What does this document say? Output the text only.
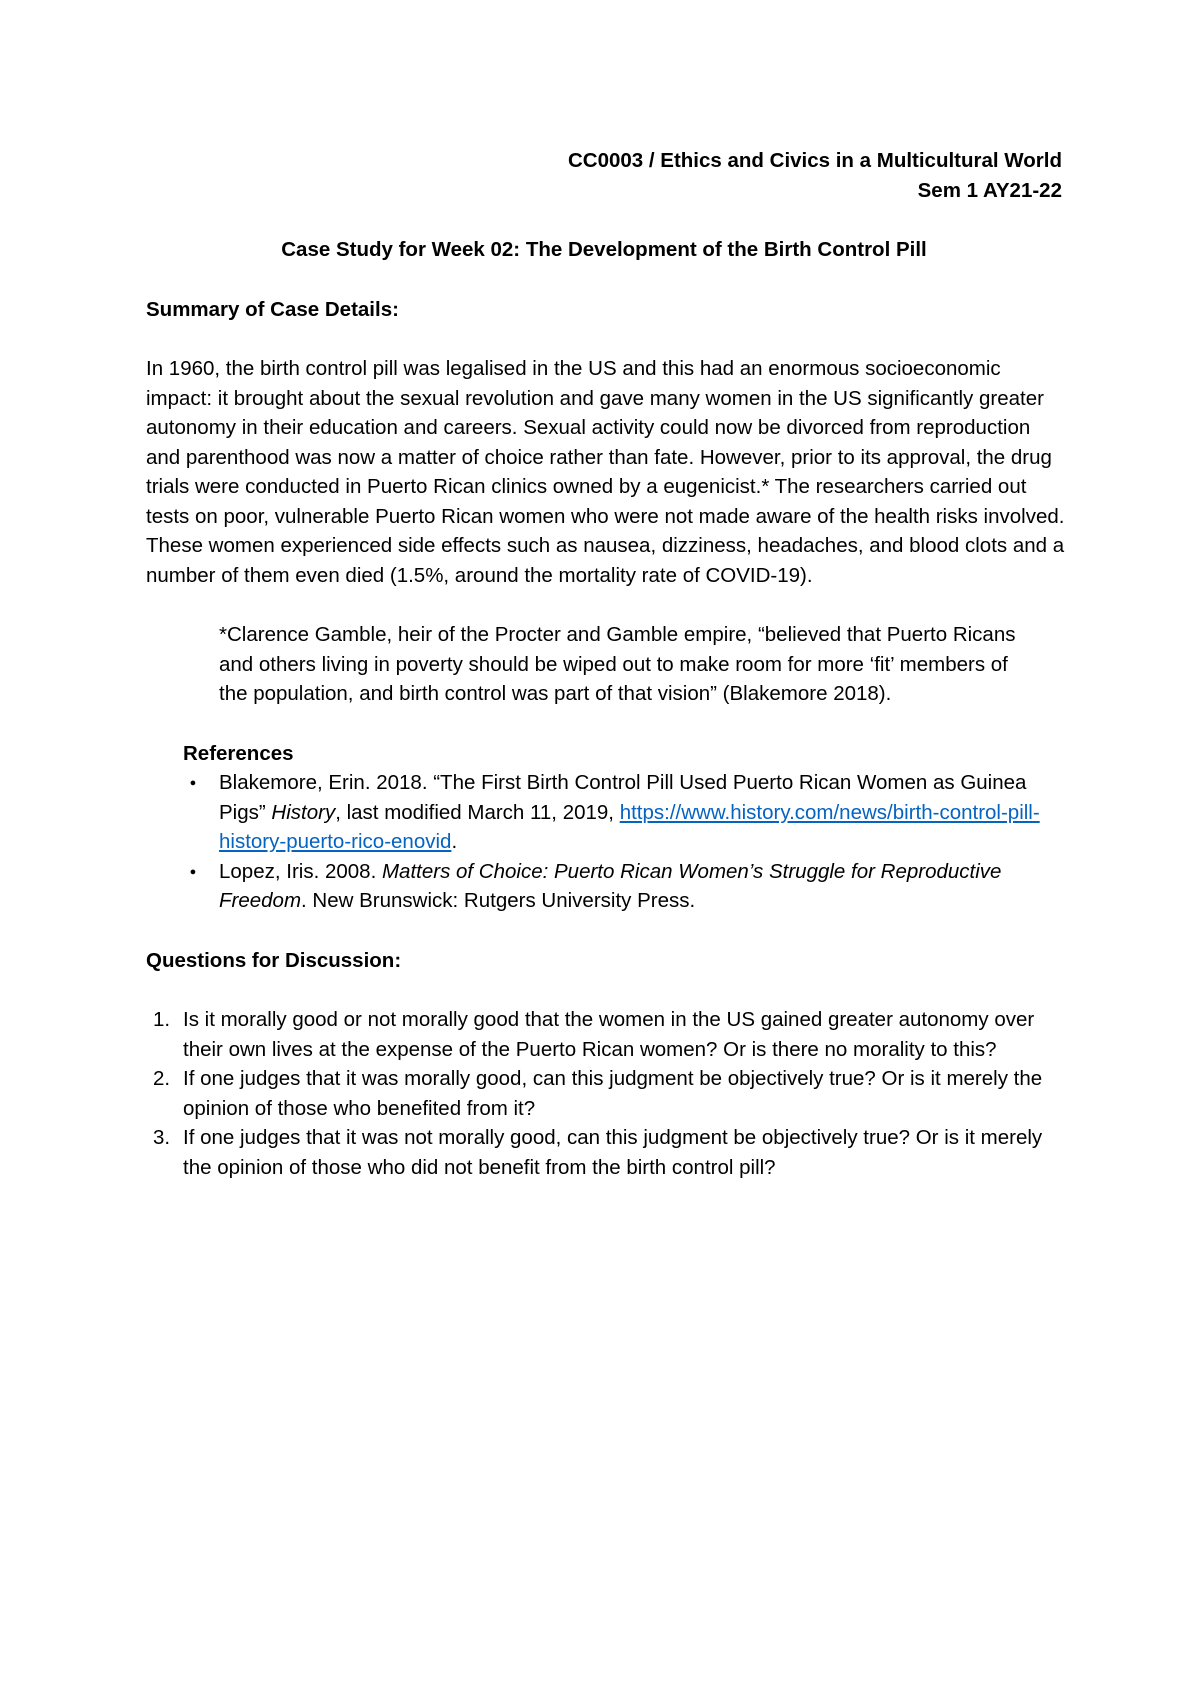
CC0003 / Ethics and Civics in a Multicultural World
Sem 1 AY21-22
Case Study for Week 02: The Development of the Birth Control Pill
Summary of Case Details:
In 1960, the birth control pill was legalised in the US and this had an enormous socioeconomic impact: it brought about the sexual revolution and gave many women in the US significantly greater autonomy in their education and careers. Sexual activity could now be divorced from reproduction and parenthood was now a matter of choice rather than fate. However, prior to its approval, the drug trials were conducted in Puerto Rican clinics owned by a eugenicist.* The researchers carried out tests on poor, vulnerable Puerto Rican women who were not made aware of the health risks involved. These women experienced side effects such as nausea, dizziness, headaches, and blood clots and a number of them even died (1.5%, around the mortality rate of COVID-19).
*Clarence Gamble, heir of the Procter and Gamble empire, “believed that Puerto Ricans and others living in poverty should be wiped out to make room for more ‘fit’ members of the population, and birth control was part of that vision” (Blakemore 2018).
References
●
Blakemore, Erin. 2018. “The First Birth Control Pill Used Puerto Rican Women as Guinea Pigs” History, last modified March 11, 2019, https://www.history.com/news/birth-control-pill-history-puerto-rico-enovid.
●
Lopez, Iris. 2008. Matters of Choice: Puerto Rican Women’s Struggle for Reproductive Freedom. New Brunswick: Rutgers University Press.
Questions for Discussion:
1. Is it morally good or not morally good that the women in the US gained greater autonomy over their own lives at the expense of the Puerto Rican women? Or is there no morality to this?
2. If one judges that it was morally good, can this judgment be objectively true? Or is it merely the opinion of those who benefited from it?
3. If one judges that it was not morally good, can this judgment be objectively true? Or is it merely the opinion of those who did not benefit from the birth control pill?
